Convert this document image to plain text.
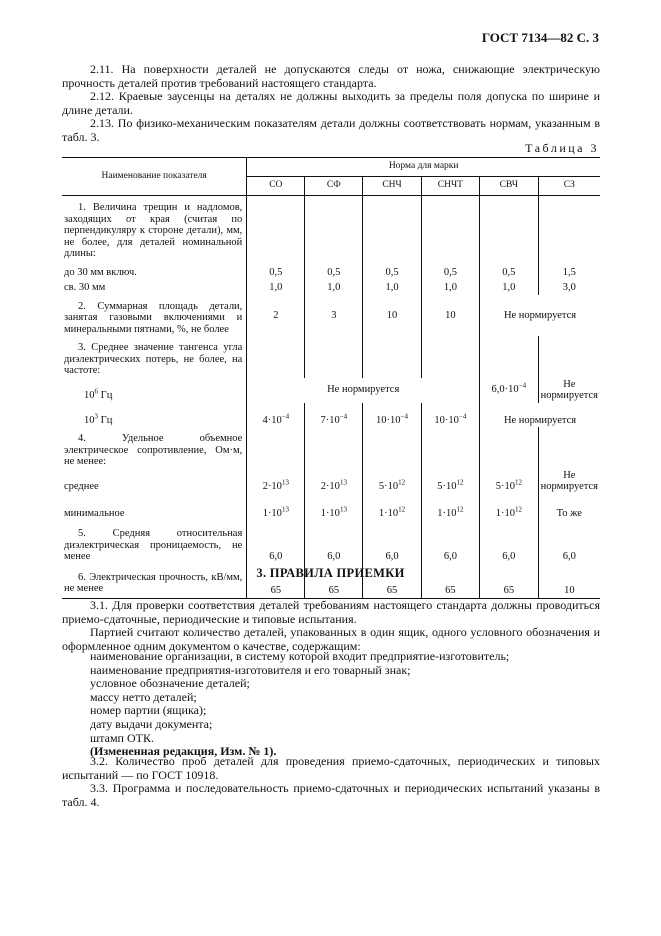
ГОСТ 7134—82 С. 3
2.11. На поверхности деталей не допускаются следы от ножа, снижающие электрическую прочность деталей против требований настоящего стандарта.
2.12. Краевые заусенцы на деталях не должны выходить за пределы поля допуска по ширине и длине детали.
2.13. По физико-механическим показателям детали должны соответствовать нормам, указанным в табл. 3.
Таблица 3
Наименование показателя	Норма для марки					
	СО	СФ	СНЧ	СНЧТ	СВЧ	СЗ
1. Величина трещин и надломов, заходящих от края (считая по перпендикуляру к стороне детали), мм, не более, для деталей номинальной длины:						
до 30 мм включ.	0,5	0,5	0,5	0,5	0,5	1,5
св. 30 мм	1,0	1,0	1,0	1,0	1,0	3,0
2. Суммарная площадь детали, занятая газовыми включениями и минеральными пятнами, %, не более	2	3	10	10	Не нормируется	
3. Среднее значение тангенса угла диэлектрических потерь, не более, на частоте:						
$10^6$ Гц	Не нормируется				$6,0\cdot 10^{-4}$	Не нормируется
$10^3$ Гц	$4\cdot 10^{-4}$	$7\cdot 10^{-4}$	$10\cdot 10^{-4}$	$10\cdot 10^{-4}$	Не нормируется	
4. Удельное объемное электрическое сопротивление, Ом·м, не менее:						
среднее	$2\cdot 10^{13}$	$2\cdot 10^{13}$	$5\cdot 10^{12}$	$5\cdot 10^{12}$	$5\cdot 10^{12}$	Не нормируется
минимальное	$1\cdot 10^{13}$	$1\cdot 10^{13}$	$1\cdot 10^{12}$	$1\cdot 10^{12}$	$1\cdot 10^{12}$	То же
5. Средняя относительная диэлектрическая проницаемость, не менее	6,0	6,0	6,0	6,0	6,0	6,0
6. Электрическая прочность, кВ/мм, не менее	65	65	65	65	65	10
3. ПРАВИЛА ПРИЕМКИ
3.1. Для проверки соответствия деталей требованиям настоящего стандарта должны проводиться приемо-сдаточные, периодические и типовые испытания.
Партией считают количество деталей, упакованных в один ящик, одного условного обозначения и оформленное одним документом о качестве, содержащим:
наименование организации, в систему которой входит предприятие-изготовитель;
наименование предприятия-изготовителя и его товарный знак;
условное обозначение деталей;
массу нетто деталей;
номер партии (ящика);
дату выдачи документа;
штамп ОТК.
(Измененная редакция, Изм. № 1).
3.2. Количество проб деталей для проведения приемо-сдаточных, периодических и типовых испытаний — по ГОСТ 10918.
3.3. Программа и последовательность приемо-сдаточных и периодических испытаний указаны в табл. 4.
